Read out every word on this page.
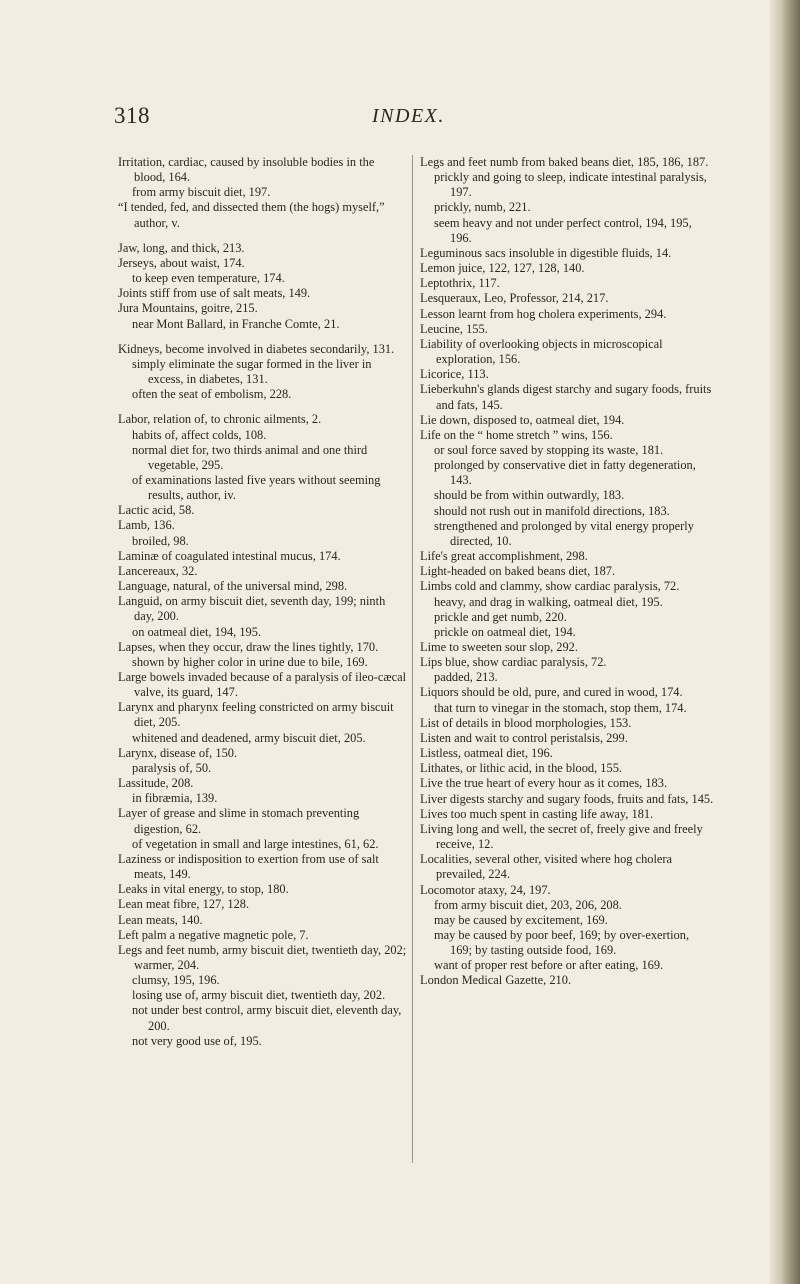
318	INDEX.
Irritation, cardiac, caused by insoluble bodies in the blood, 164.
from army biscuit diet, 197.
“I tended, fed, and dissected them (the hogs) myself,” author, v.
Jaw, long, and thick, 213.
Jerseys, about waist, 174.
to keep even temperature, 174.
Joints stiff from use of salt meats, 149.
Jura Mountains, goitre, 215.
near Mont Ballard, in Franche Comte, 21.
Kidneys, become involved in diabetes secondarily, 131.
simply eliminate the sugar formed in the liver in excess, in diabetes, 131.
often the seat of embolism, 228.
Labor, relation of, to chronic ailments, 2.
habits of, affect colds, 108.
normal diet for, two thirds animal and one third vegetable, 295.
of examinations lasted five years without seeming results, author, iv.
Lactic acid, 58.
Lamb, 136.
broiled, 98.
Laminæ of coagulated intestinal mucus, 174.
Lancereaux, 32.
Language, natural, of the universal mind, 298.
Languid, on army biscuit diet, seventh day, 199; ninth day, 200.
on oatmeal diet, 194, 195.
Lapses, when they occur, draw the lines tightly, 170.
shown by higher color in urine due to bile, 169.
Large bowels invaded because of a paralysis of ileo-cæcal valve, its guard, 147.
Larynx and pharynx feeling constricted on army biscuit diet, 205.
whitened and deadened, army biscuit diet, 205.
Larynx, disease of, 150.
paralysis of, 50.
Lassitude, 208.
in fibræmia, 139.
Layer of grease and slime in stomach preventing digestion, 62.
of vegetation in small and large intestines, 61, 62.
Laziness or indisposition to exertion from use of salt meats, 149.
Leaks in vital energy, to stop, 180.
Lean meat fibre, 127, 128.
Lean meats, 140.
Left palm a negative magnetic pole, 7.
Legs and feet numb, army biscuit diet, twentieth day, 202; warmer, 204.
clumsy, 195, 196.
losing use of, army biscuit diet, twentieth day, 202.
not under best control, army biscuit diet, eleventh day, 200.
not very good use of, 195.
Legs and feet numb from baked beans diet, 185, 186, 187.
prickly and going to sleep, indicate intestinal paralysis, 197.
prickly, numb, 221.
seem heavy and not under perfect control, 194, 195, 196.
Leguminous sacs insoluble in digestible fluids, 14.
Lemon juice, 122, 127, 128, 140.
Leptothrix, 117.
Lesqueraux, Leo, Professor, 214, 217.
Lesson learnt from hog cholera experiments, 294.
Leucine, 155.
Liability of overlooking objects in microscopical exploration, 156.
Licorice, 113.
Lieberkuhn's glands digest starchy and sugary foods, fruits and fats, 145.
Lie down, disposed to, oatmeal diet, 194.
Life on the “ home stretch ” wins, 156.
or soul force saved by stopping its waste, 181.
prolonged by conservative diet in fatty degeneration, 143.
should be from within outwardly, 183.
should not rush out in manifold directions, 183.
strengthened and prolonged by vital energy properly directed, 10.
Life's great accomplishment, 298.
Light-headed on baked beans diet, 187.
Limbs cold and clammy, show cardiac paralysis, 72.
heavy, and drag in walking, oatmeal diet, 195.
prickle and get numb, 220.
prickle on oatmeal diet, 194.
Lime to sweeten sour slop, 292.
Lips blue, show cardiac paralysis, 72.
padded, 213.
Liquors should be old, pure, and cured in wood, 174.
that turn to vinegar in the stomach, stop them, 174.
List of details in blood morphologies, 153.
Listen and wait to control peristalsis, 299.
Listless, oatmeal diet, 196.
Lithates, or lithic acid, in the blood, 155.
Live the true heart of every hour as it comes, 183.
Liver digests starchy and sugary foods, fruits and fats, 145.
Lives too much spent in casting life away, 181.
Living long and well, the secret of, freely give and freely receive, 12.
Localities, several other, visited where hog cholera prevailed, 224.
Locomotor ataxy, 24, 197.
from army biscuit diet, 203, 206, 208.
may be caused by excitement, 169.
may be caused by poor beef, 169; by over-exertion, 169; by tasting outside food, 169.
want of proper rest before or after eating, 169.
London Medical Gazette, 210.
